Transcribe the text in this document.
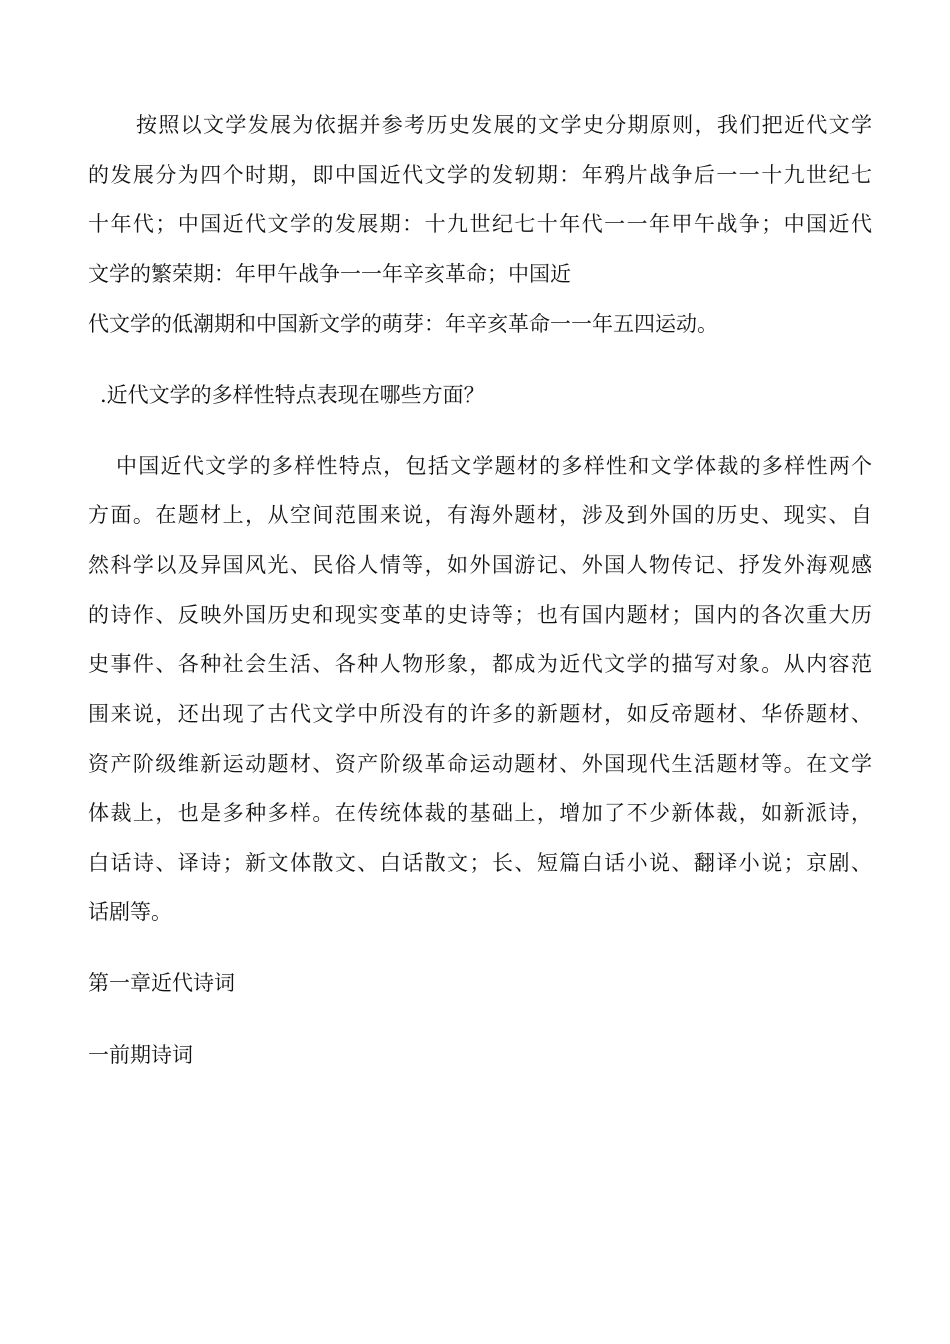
按照以文学发展为依据并参考历史发展的文学史分期原则，我们把近代文学
的发展分为四个时期，即中国近代文学的发轫期：年鸦片战争后一一十九世纪七
十年代；中国近代文学的发展期：十九世纪七十年代一一年甲午战争；中国近代
文学的繁荣期：年甲午战争一一年辛亥革命；中国近
代文学的低潮期和中国新文学的萌芽：年辛亥革命一一年五四运动。
.近代文学的多样性特点表现在哪些方面？
中国近代文学的多样性特点，包括文学题材的多样性和文学体裁的多样性两个
方面。在题材上，从空间范围来说，有海外题材，涉及到外国的历史、现实、自
然科学以及异国风光、民俗人情等，如外国游记、外国人物传记、抒发外海观感
的诗作、反映外国历史和现实变革的史诗等；也有国内题材；国内的各次重大历
史事件、各种社会生活、各种人物形象，都成为近代文学的描写对象。从内容范
围来说，还出现了古代文学中所没有的许多的新题材，如反帝题材、华侨题材、
资产阶级维新运动题材、资产阶级革命运动题材、外国现代生活题材等。在文学
体裁上，也是多种多样。在传统体裁的基础上，增加了不少新体裁，如新派诗，
白话诗、译诗；新文体散文、白话散文；长、短篇白话小说、翻译小说；京剧、
话剧等。
第一章近代诗词
一前期诗词
